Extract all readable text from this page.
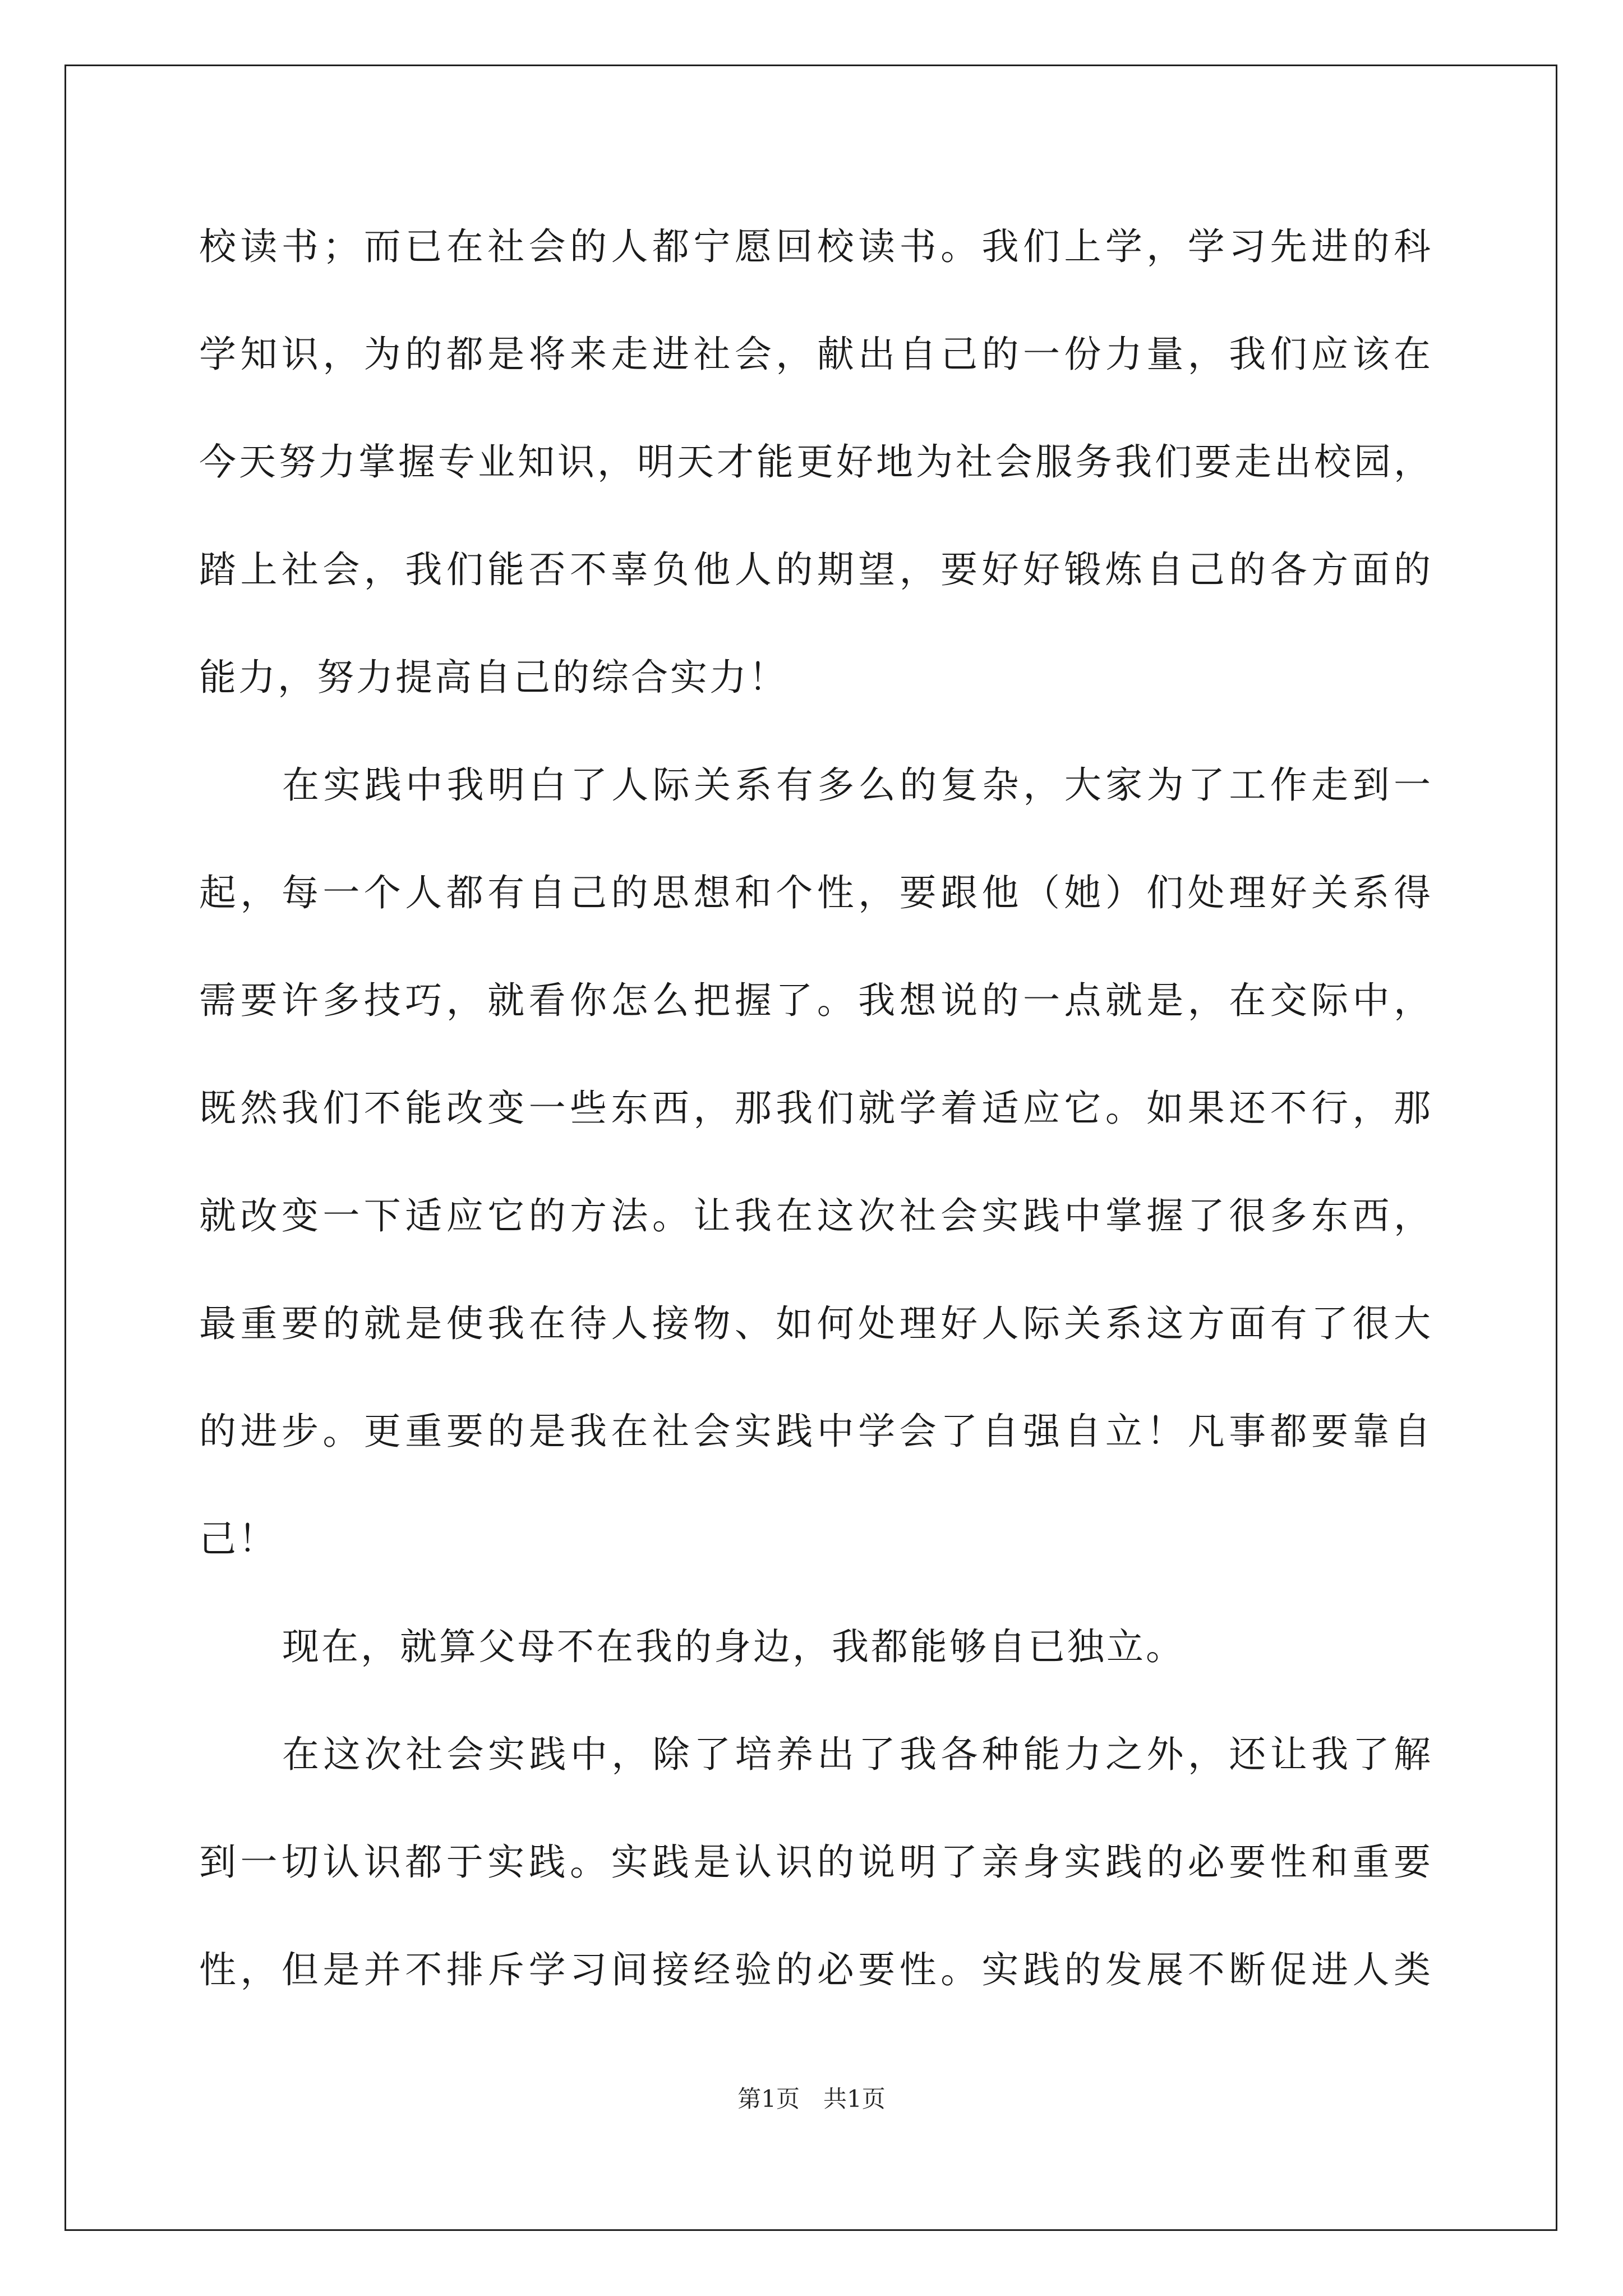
校读书；而已在社会的人都宁愿回校读书。我们上学，学习先进的科
学知识，为的都是将来走进社会，献出自己的一份力量，我们应该在
今天努力掌握专业知识，明天才能更好地为社会服务我们要走出校园，
踏上社会，我们能否不辜负他人的期望，要好好锻炼自己的各方面的
能力，努力提高自己的综合实力！
在实践中我明白了人际关系有多么的复杂，大家为了工作走到一
起，每一个人都有自己的思想和个性，要跟他（她）们处理好关系得
需要许多技巧，就看你怎么把握了。我想说的一点就是，在交际中，
既然我们不能改变一些东西，那我们就学着适应它。如果还不行，那
就改变一下适应它的方法。让我在这次社会实践中掌握了很多东西，
最重要的就是使我在待人接物、如何处理好人际关系这方面有了很大
的进步。更重要的是我在社会实践中学会了自强自立！凡事都要靠自
己！
现在，就算父母不在我的身边，我都能够自已独立。
在这次社会实践中，除了培养出了我各种能力之外，还让我了解
到一切认识都于实践。实践是认识的说明了亲身实践的必要性和重要
性，但是并不排斥学习间接经验的必要性。实践的发展不断促进人类
第1页　共1页
